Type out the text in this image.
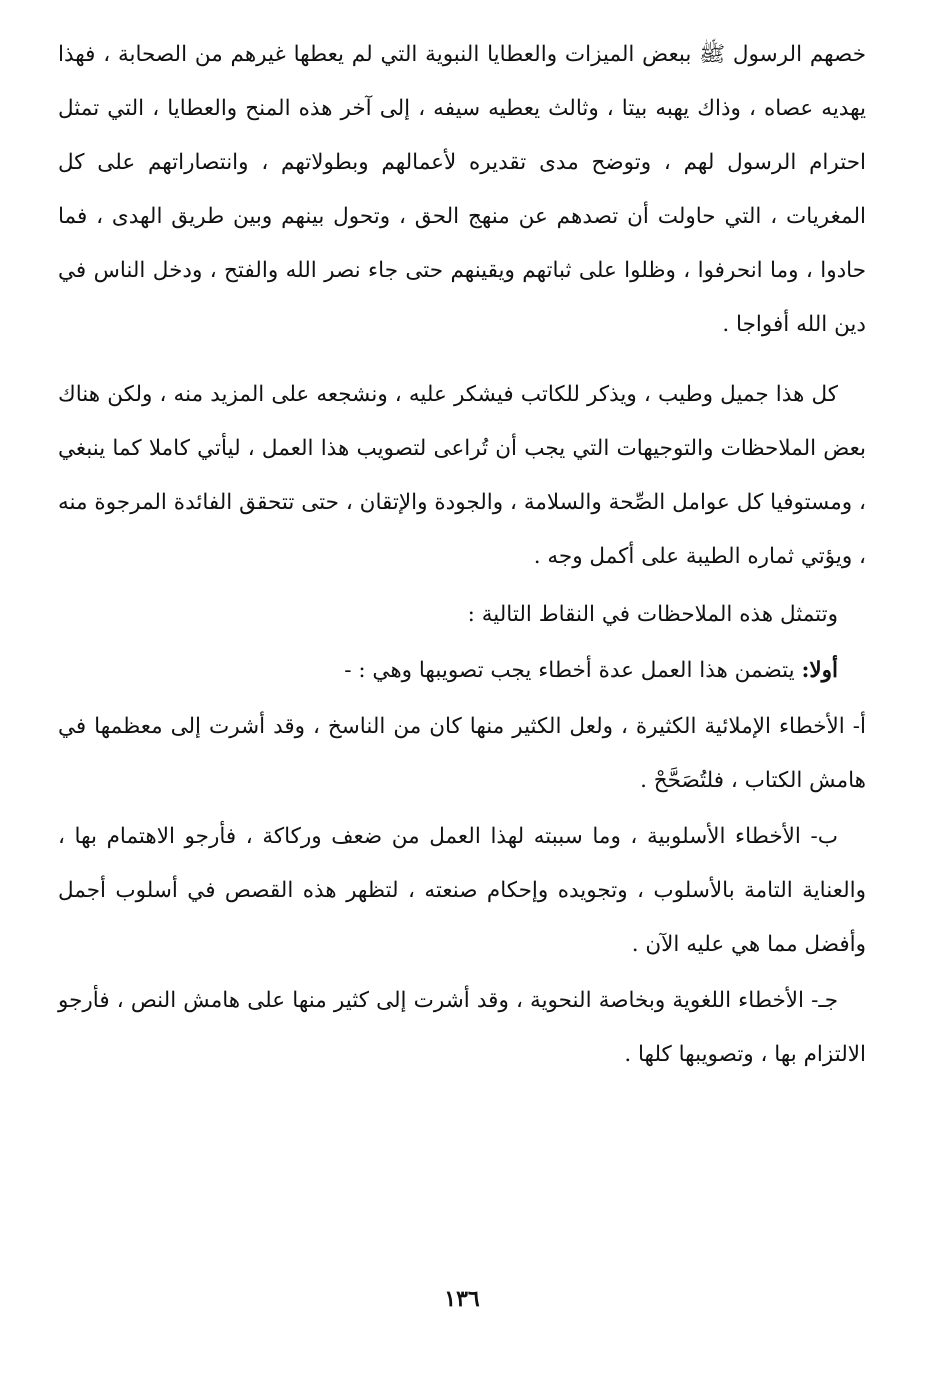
خصهم الرسول ﷺ ببعض الميزات والعطايا النبوية التي لم يعطها غيرهم من الصحابة ، فهذا يهديه عصاه ، وذاك يهبه بيتا ، وثالث يعطيه سيفه ، إلى آخر هذه المنح والعطايا ، التي تمثل احترام الرسول لهم ، وتوضح مدى تقديره لأعمالهم وبطولاتهم ، وانتصاراتهم على كل المغريات ، التي حاولت أن تصدهم عن منهج الحق ، وتحول بينهم وبين طريق الهدى ، فما حادوا ، وما انحرفوا ، وظلوا على ثباتهم ويقينهم حتى جاء نصر الله والفتح ، ودخل الناس في دين الله أفواجا .

كل هذا جميل وطيب ، ويذكر للكاتب فيشكر عليه ، ونشجعه على المزيد منه ، ولكن هناك بعض الملاحظات والتوجيهات التي يجب أن تُراعى لتصويب هذا العمل ، ليأتي كاملا كما ينبغي ، ومستوفيا كل عوامل الصِّحة والسلامة ، والجودة والإتقان ، حتى تتحقق الفائدة المرجوة منه ، ويؤتي ثماره الطيبة على أكمل وجه .

وتتمثل هذه الملاحظات في النقاط التالية :

أولا: يتضمن هذا العمل عدة أخطاء يجب تصويبها وهي : -

أ- الأخطاء الإملائية الكثيرة ، ولعل الكثير منها كان من الناسخ ، وقد أشرت إلى معظمها في هامش الكتاب ، فلتُصَحَّحْ .

ب- الأخطاء الأسلوبية ، وما سببته لهذا العمل من ضعف وركاكة ، فأرجو الاهتمام بها ، والعناية التامة بالأسلوب ، وتجويده وإحكام صنعته ، لتظهر هذه القصص في أسلوب أجمل وأفضل مما هي عليه الآن .

جـ- الأخطاء اللغوية وبخاصة النحوية ، وقد أشرت إلى كثير منها على هامش النص ، فأرجو الالتزام بها ، وتصويبها كلها .

١٣٦
